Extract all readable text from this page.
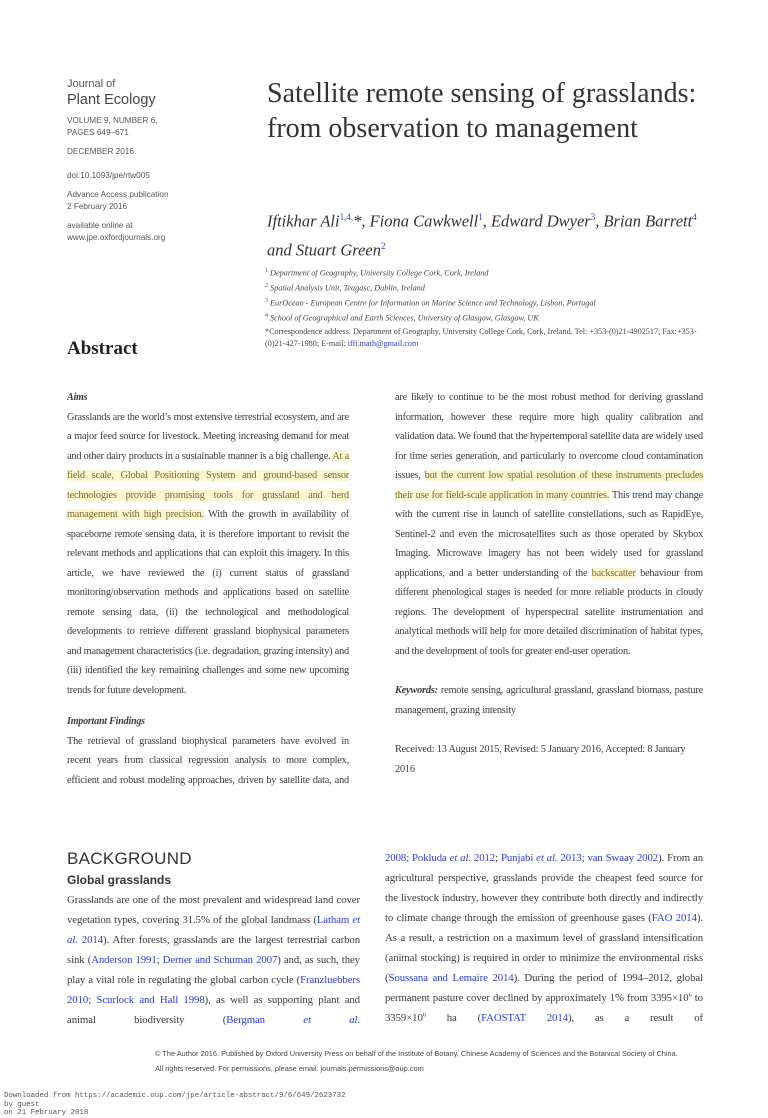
Journal of
Plant Ecology
VOLUME 9, NUMBER 6,
PAGES 649–671
DECEMBER 2016
doi:10.1093/jpe/rtw005
Advance Access publication
2 February 2016
available online at
www.jpe.oxfordjournals.org
Satellite remote sensing of grasslands: from observation to management
Iftikhar Ali$^{1,4,}$*, Fiona Cawkwell$^1$, Edward Dwyer$^3$, Brian Barrett$^4$ and Stuart Green$^2$
$^1$ Department of Geography, University College Cork, Cork, Ireland
$^2$ Spatial Analysis Unit, Teagasc, Dublin, Ireland
$^3$ EurOcean - European Centre for Information on Marine Science and Technology, Lisbon, Portugal
$^4$ School of Geographical and Earth Sciences, University of Glasgow, Glasgow, UK
*Correspondence address. Department of Geography, University College Cork, Cork, Ireland. Tel: +353-(0)21-4902517; Fax:+353-(0)21-427-1980; E-mail: iffi.math@gmail.com
Abstract
Aims

Grasslands are the world’s most extensive terrestrial ecosystem, and are a major feed source for livestock. Meeting increasing demand for meat and other dairy products in a sustainable manner is a big challenge. At a field scale, Global Positioning System and ground-based sensor technologies provide promising tools for grassland and herd management with high precision. With the growth in availability of spaceborne remote sensing data, it is therefore important to revisit the relevant methods and applications that can exploit this imagery. In this article, we have reviewed the (i) current status of grassland monitoring/observation methods and applications based on satellite remote sensing data, (ii) the technological and methodological developments to retrieve different grassland biophysical parameters and management characteristics (i.e. degradation, grazing intensity) and (iii) identified the key remaining challenges and some new upcoming trends for future development.

Important Findings

The retrieval of grassland biophysical parameters have evolved in recent years from classical regression analysis to more complex, efficient and robust modeling approaches, driven by satellite data, and

are likely to continue to be the most robust method for deriving grassland information, however these require more high quality calibration and validation data. We found that the hypertemporal satellite data are widely used for time series generation, and particularly to overcome cloud contamination issues, but the current low spatial resolution of these instruments precludes their use for field-scale application in many countries. This trend may change with the current rise in launch of satellite constellations, such as RapidEye, Sentinel-2 and even the microsatellites such as those operated by Skybox Imaging. Microwave imagery has not been widely used for grassland applications, and a better understanding of the backscatter behaviour from different phenological stages is needed for more reliable products in cloudy regions. The development of hyperspectral satellite instrumentation and analytical methods will help for more detailed discrimination of habitat types, and the development of tools for greater end-user operation.

Keywords: remote sensing, agricultural grassland, grassland biomass, pasture management, grazing intensity

Received: 13 August 2015, Revised: 5 January 2016, Accepted: 8 January 2016

BACKGROUND
Global grasslands

Grasslands are one of the most prevalent and widespread land cover vegetation types, covering 31.5% of the global landmass (Latham et al. 2014). After forests, grasslands are the largest terrestrial carbon sink (Anderson 1991; Derner and Schuman 2007) and, as such, they play a vital role in regulating the global carbon cycle (Franzluebbers 2010; Scurlock and Hall 1998), as well as supporting plant and animal biodiversity (Bergman et al.

2008; Pokluda et al. 2012; Punjabi et al. 2013; van Swaay 2002). From an agricultural perspective, grasslands provide the cheapest feed source for the livestock industry, however they contribute both directly and indirectly to climate change through the emission of greenhouse gases (FAO 2014). As a result, a restriction on a maximum level of grassland intensification (animal stocking) is required in order to minimize the environmental risks (Soussana and Lemaire 2014). During the period of 1994–2012, global permanent pasture cover declined by approximately 1% from $3395\times 10^6$ to $3359\times 10^6$ ha (FAOSTAT 2014), as a result of

© The Author 2016. Published by Oxford University Press on behalf of the Institute of Botany, Chinese Academy of Sciences and the Botanical Society of China.
All rights reserved. For permissions, please email: journals.permissions@oup.com
Downloaded from https://academic.oup.com/jpe/article-abstract/9/6/649/2623732
by guest
on 21 February 2018
